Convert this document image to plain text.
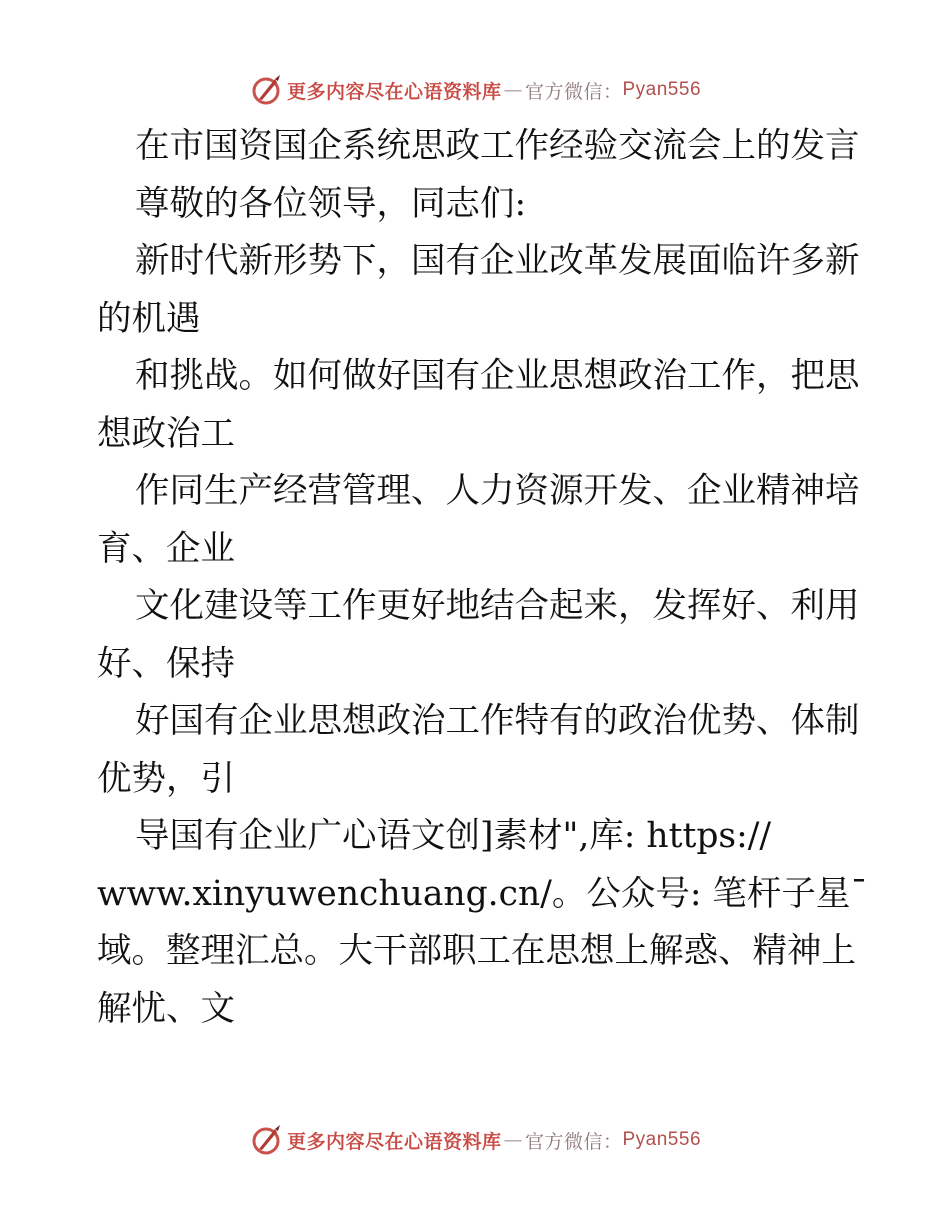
更多内容尽在心语资料库 — 官方微信： Pyan556
在市国资国企系统思政工作经验交流会上的发言
尊敬的各位领导，同志们:
新时代新形势下，国有企业改革发展面临许多新
的机遇
和挑战。如何做好国有企业思想政治工作，把思
想政治工
作同生产经营管理、人力资源开发、企业精神培
育、企业
文化建设等工作更好地结合起来，发挥好、利用
好、保持
好国有企业思想政治工作特有的政治优势、体制
优势，引
导国有企业广心语文创]素材",库: https://
www.xinyuwenchuang.cn/。公众号: 笔杆子星¯
域。整理汇总。大干部职工在思想上解惑、精神上
解忧、文
更多内容尽在心语资料库 — 官方微信： Pyan556
